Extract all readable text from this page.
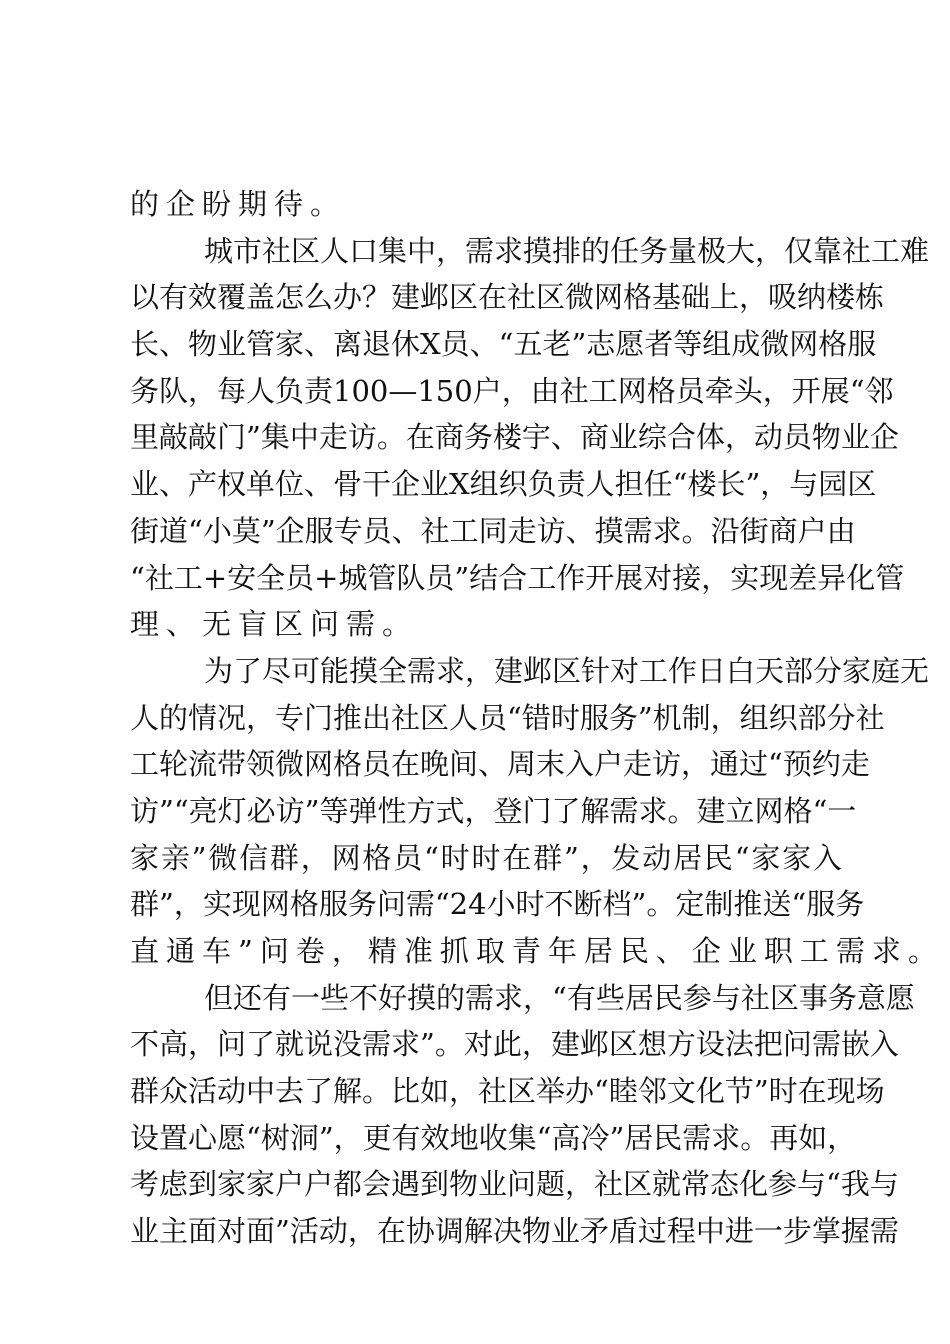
的企盼期待。
城市社区人口集中，需求摸排的任务量极大，仅靠社工难
以有效覆盖怎么办？建邺区在社区微网格基础上，吸纳楼栋
长、物业管家、离退休X员、“五老”志愿者等组成微网格服
务队，每人负责100—150户，由社工网格员牵头，开展“邻
里敲敲门”集中走访。在商务楼宇、商业综合体，动员物业企
业、产权单位、骨干企业X组织负责人担任“楼长”，与园区
街道“小莫”企服专员、社工同走访、摸需求。沿街商户由
“社工+安全员+城管队员”结合工作开展对接，实现差异化管
理、无盲区问需。
为了尽可能摸全需求，建邺区针对工作日白天部分家庭无
人的情况，专门推出社区人员“错时服务”机制，组织部分社
工轮流带领微网格员在晚间、周末入户走访，通过“预约走
访”“亮灯必访”等弹性方式，登门了解需求。建立网格“一
家亲”微信群，网格员“时时在群”，发动居民“家家入
群”，实现网格服务问需“24小时不断档”。定制推送“服务
直通车”问卷，精准抓取青年居民、企业职工需求。
但还有一些不好摸的需求，“有些居民参与社区事务意愿
不高，问了就说没需求”。对此，建邺区想方设法把问需嵌入
群众活动中去了解。比如，社区举办“睦邻文化节”时在现场
设置心愿“树洞”，更有效地收集“高冷”居民需求。再如，
考虑到家家户户都会遇到物业问题，社区就常态化参与“我与
业主面对面”活动，在协调解决物业矛盾过程中进一步掌握需
